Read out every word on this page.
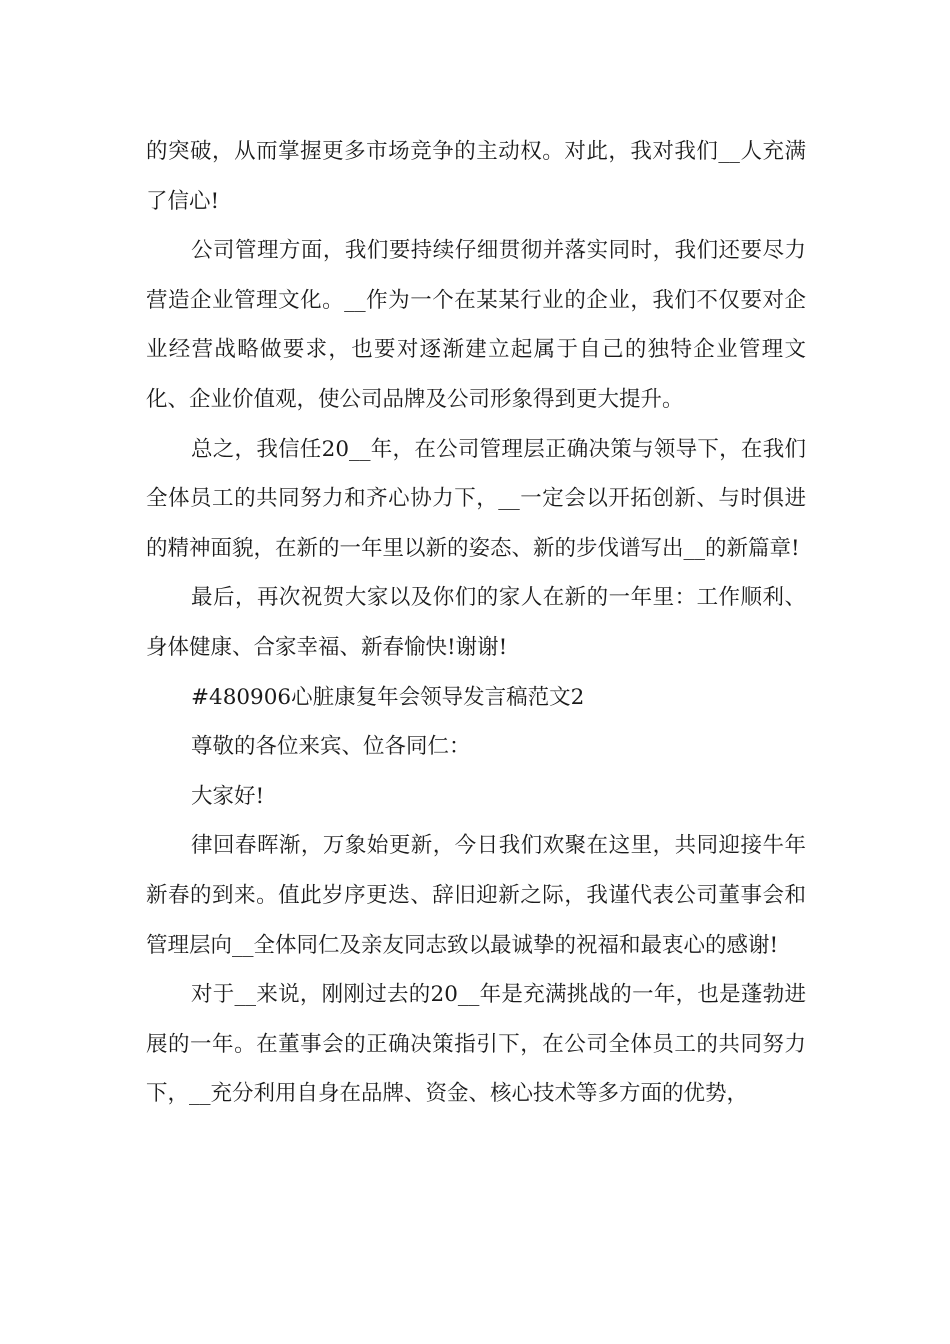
的突破，从而掌握更多市场竞争的主动权。对此，我对我们__人充满了信心!

公司管理方面，我们要持续仔细贯彻并落实同时，我们还要尽力营造企业管理文化。__作为一个在某某行业的企业，我们不仅要对企业经营战略做要求，也要对逐渐建立起属于自己的独特企业管理文化、企业价值观，使公司品牌及公司形象得到更大提升。

总之，我信任20__年，在公司管理层正确决策与领导下，在我们全体员工的共同努力和齐心协力下，__一定会以开拓创新、与时俱进的精神面貌，在新的一年里以新的姿态、新的步伐谱写出__的新篇章!

最后，再次祝贺大家以及你们的家人在新的一年里：工作顺利、身体健康、合家幸福、新春愉快!谢谢!

#480906心脏康复年会领导发言稿范文2

尊敬的各位来宾、位各同仁：

大家好!

律回春晖渐，万象始更新，今日我们欢聚在这里，共同迎接牛年新春的到来。值此岁序更迭、辞旧迎新之际，我谨代表公司董事会和管理层向__全体同仁及亲友同志致以最诚挚的祝福和最衷心的感谢!

对于__来说，刚刚过去的20__年是充满挑战的一年，也是蓬勃进展的一年。在董事会的正确决策指引下，在公司全体员工的共同努力下，__充分利用自身在品牌、资金、核心技术等多方面的优势，
